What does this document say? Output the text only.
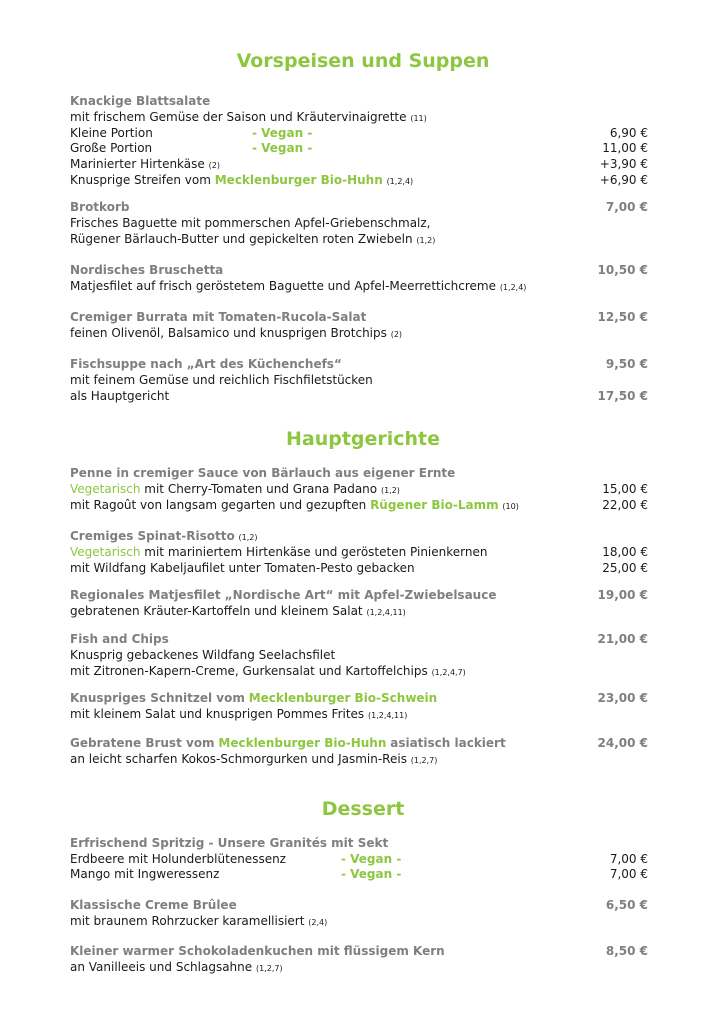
Vorspeisen und Suppen
Knackige Blattsalate
mit frischem Gemüse der Saison und Kräutervinaigrette (11)
Kleine Portion	- Vegan -	6,90 €
Große Portion	- Vegan -	11,00 €
Marinierter Hirtenkäse (2)	+3,90 €
Knusprige Streifen vom Mecklenburger Bio-Huhn (1,2,4)	+6,90 €
Brotkorb	7,00 €
Frisches Baguette mit pommerschen Apfel-Griebenschmalz,
Rügener Bärlauch-Butter und gepickelten roten Zwiebeln (1,2)
Nordisches Bruschetta	10,50 €
Matjesfilet auf frisch geröstetem Baguette und Apfel-Meerrettichcreme (1,2,4)
Cremiger Burrata mit Tomaten-Rucola-Salat	12,50 €
feinen Olivenöl, Balsamico und knusprigen Brotchips (2)
Fischsuppe nach „Art des Küchenchefs“	9,50 €
mit feinem Gemüse und reichlich Fischfiletstücken
als Hauptgericht	17,50 €
Hauptgerichte
Penne in cremiger Sauce von Bärlauch aus eigener Ernte
Vegetarisch mit Cherry-Tomaten und Grana Padano (1,2)	15,00 €
mit Ragoût von langsam gegarten und gezupften Rügener Bio-Lamm (10)	22,00 €
Cremiges Spinat-Risotto (1,2)
Vegetarisch mit mariniertem Hirtenkäse und gerösteten Pinienkernen	18,00 €
mit Wildfang Kabeljaufilet unter Tomaten-Pesto gebacken	25,00 €
Regionales Matjesfilet „Nordische Art“ mit Apfel-Zwiebelsauce	19,00 €
gebratenen Kräuter-Kartoffeln und kleinem Salat (1,2,4,11)
Fish and Chips	21,00 €
Knusprig gebackenes Wildfang Seelachsfilet
mit Zitronen-Kapern-Creme, Gurkensalat und Kartoffelchips (1,2,4,7)
Knuspriges Schnitzel vom Mecklenburger Bio-Schwein	23,00 €
mit kleinem Salat und knusprigen Pommes Frites (1,2,4,11)
Gebratene Brust vom Mecklenburger Bio-Huhn asiatisch lackiert	24,00 €
an leicht scharfen Kokos-Schmorgurken und Jasmin-Reis (1,2,7)
Dessert
Erfrischend Spritzig - Unsere Granités mit Sekt
Erdbeere mit Holunderblütenessenz	- Vegan -	7,00 €
Mango mit Ingweressenz	- Vegan -	7,00 €
Klassische Creme Brûlee	6,50 €
mit braunem Rohrzucker karamellisiert (2,4)
Kleiner warmer Schokoladenkuchen mit flüssigem Kern	8,50 €
an Vanilleeis und Schlagsahne (1,2,7)
